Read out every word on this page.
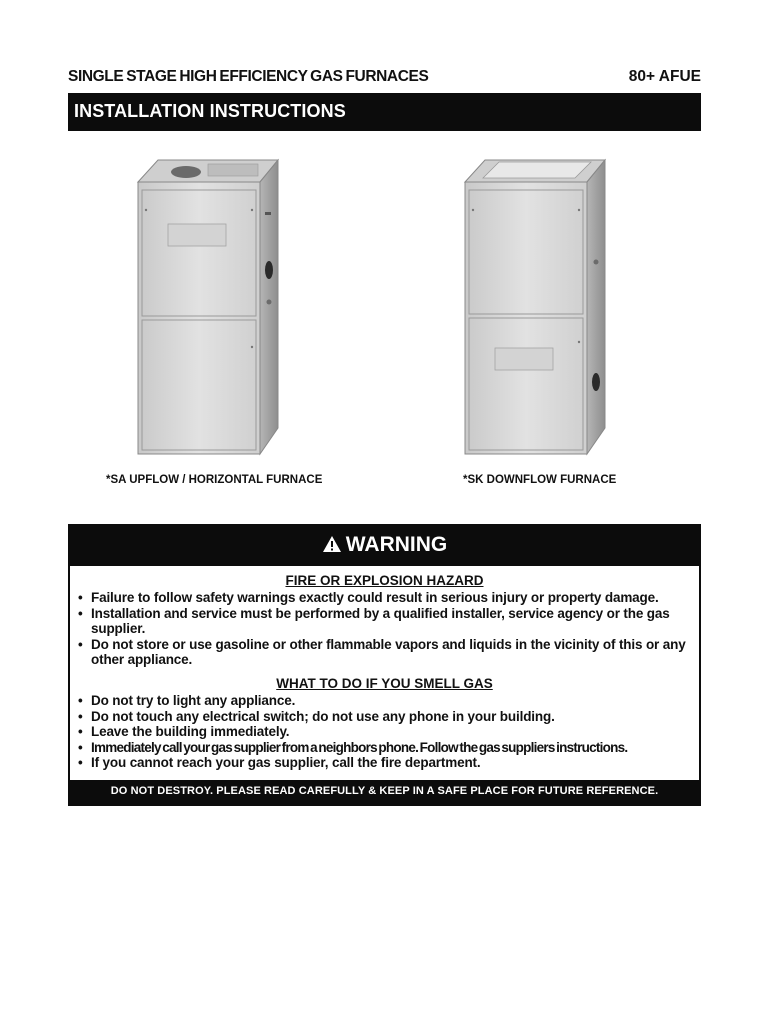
SINGLE STAGE HIGH EFFICIENCY GAS FURNACES	80+ AFUE
INSTALLATION INSTRUCTIONS
*SA UPFLOW / HORIZONTAL FURNACE	*SK DOWNFLOW FURNACE
WARNING
FIRE OR EXPLOSION HAZARD
• Failure to follow safety warnings exactly could result in serious injury or property damage.
• Installation and service must be performed by a qualified installer, service agency or the gas supplier.
• Do not store or use gasoline or other flammable vapors and liquids in the vicinity of this or any other appliance.
WHAT TO DO IF YOU SMELL GAS
• Do not try to light any appliance.
• Do not touch any electrical switch; do not use any phone in your building.
• Leave the building immediately.
• Immediately call your gas supplier from a neighbors phone. Follow the gas suppliers instructions.
• If you cannot reach your gas supplier, call the fire department.
DO NOT DESTROY. PLEASE READ CAREFULLY & KEEP IN A SAFE PLACE FOR FUTURE REFERENCE.
